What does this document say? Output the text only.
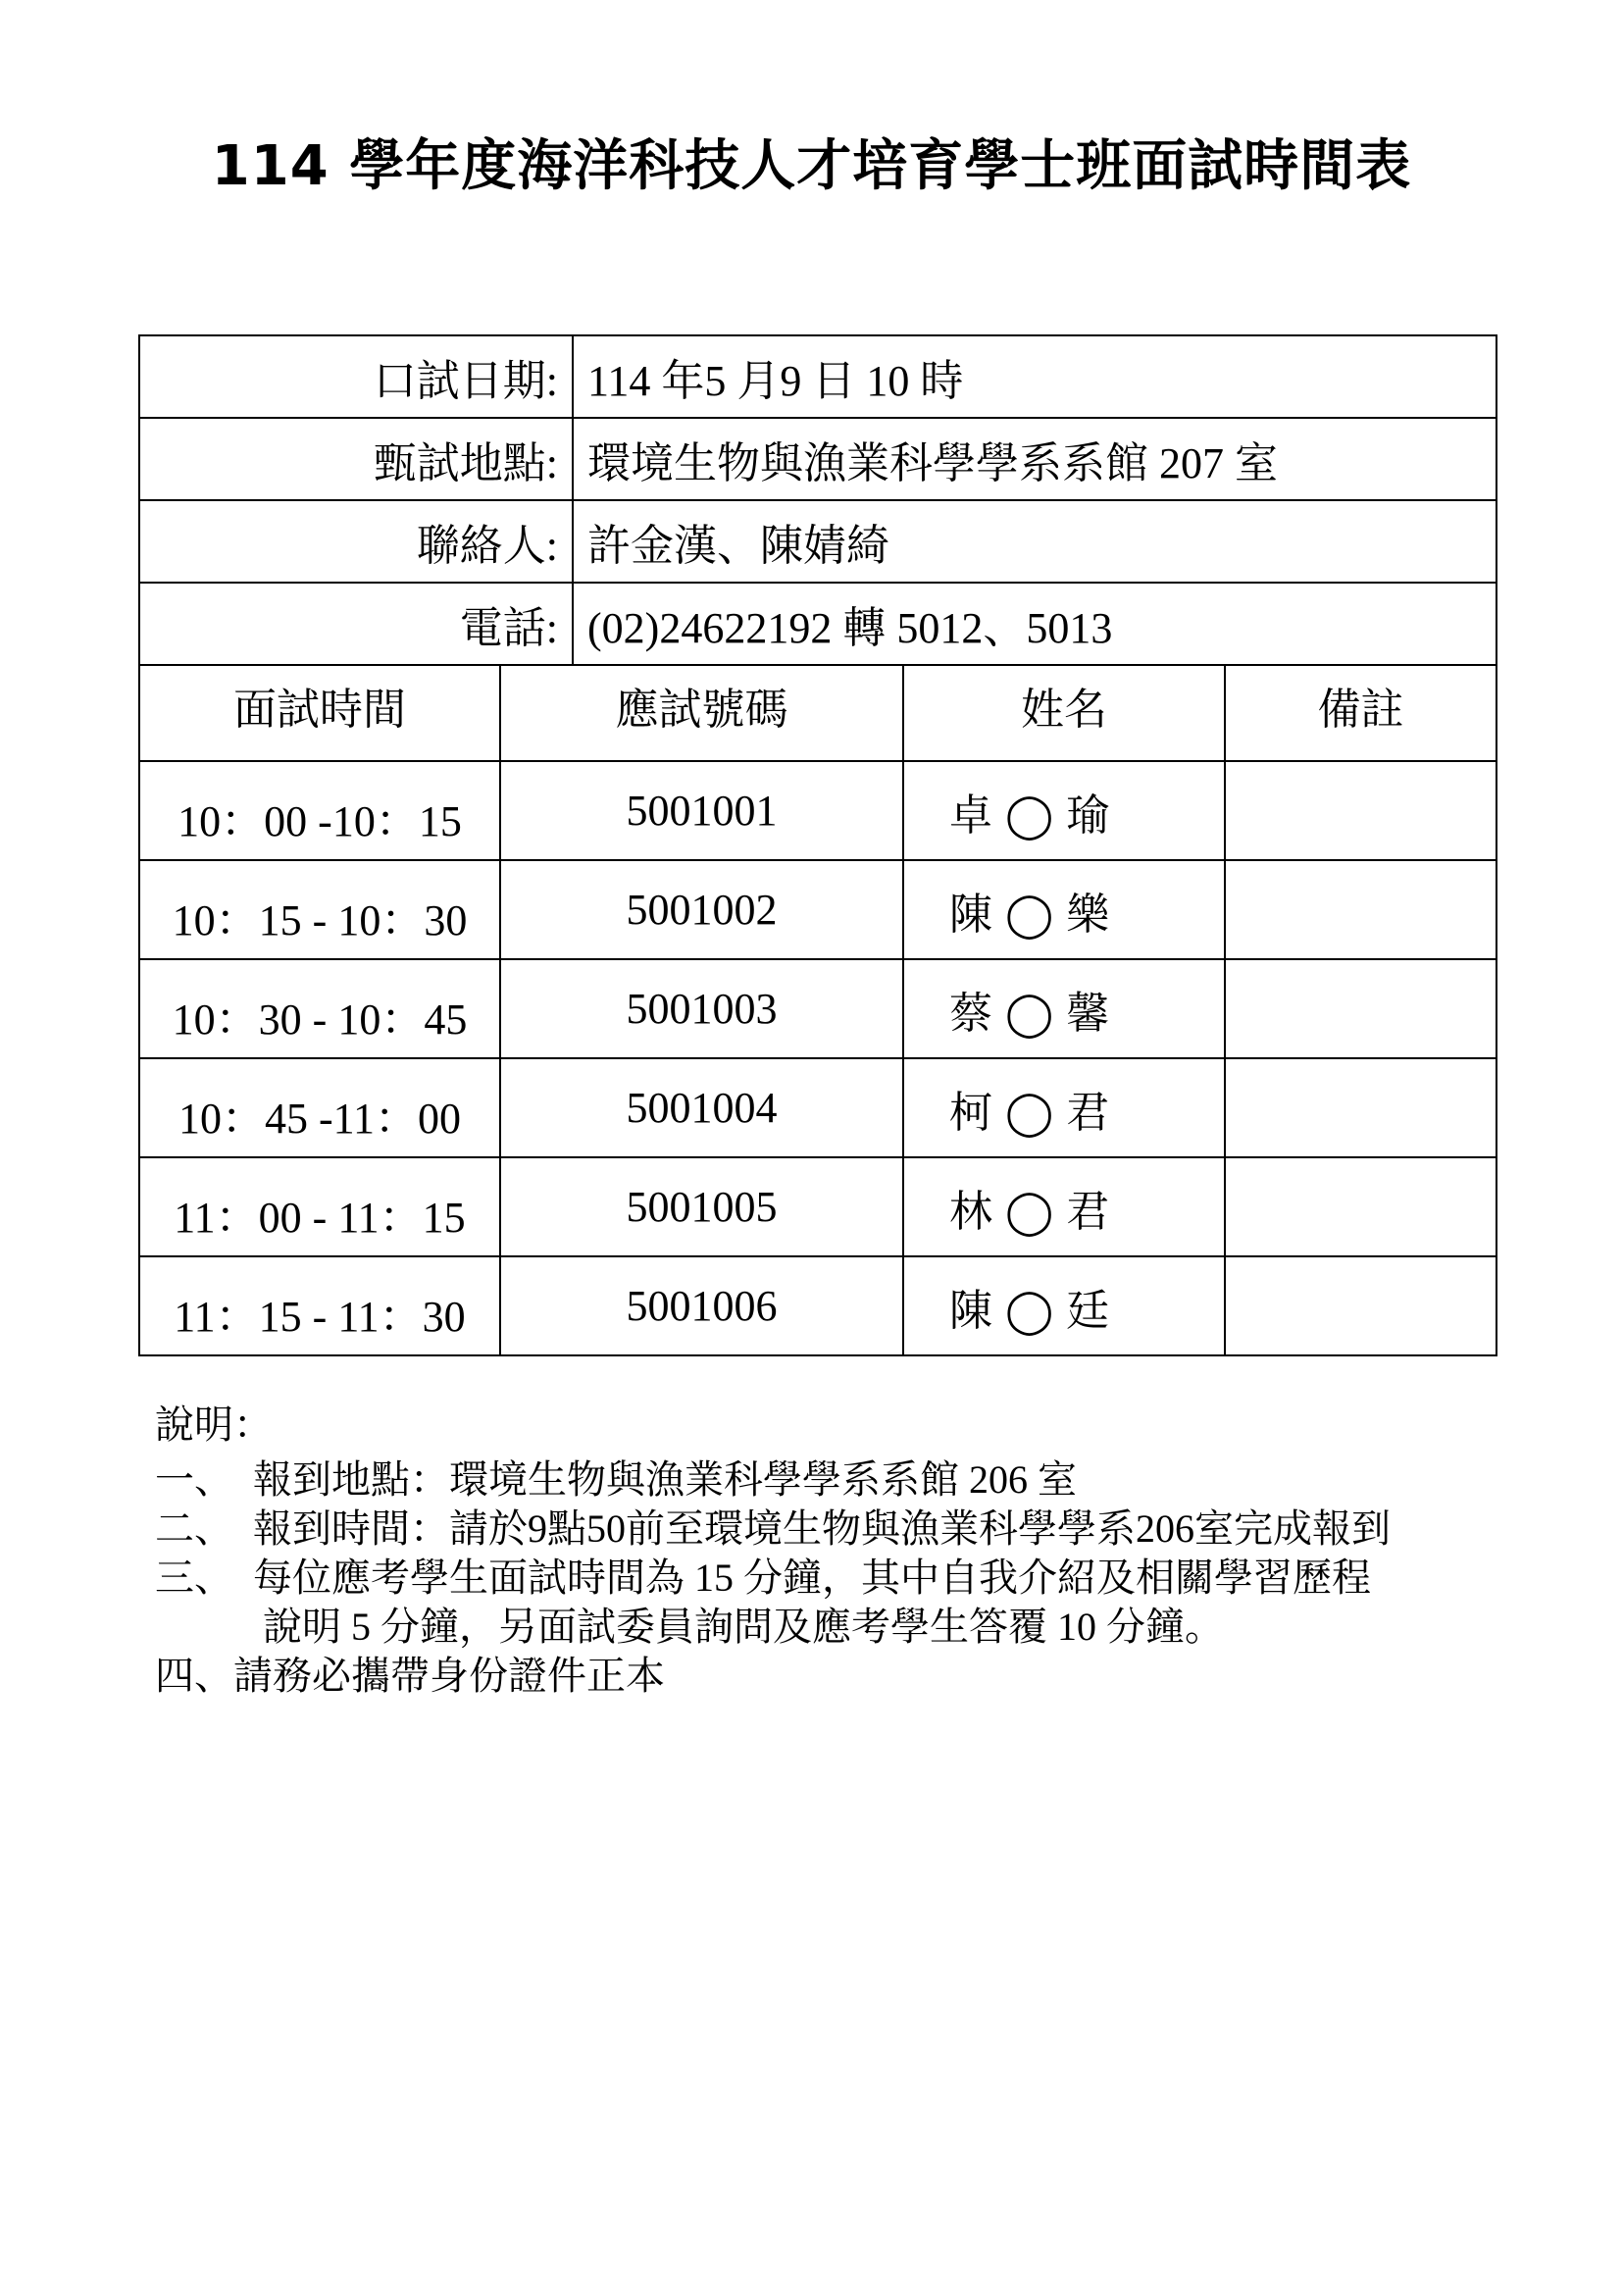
114 學年度海洋科技人才培育學士班面試時間表
口試日期:		114 年5 月9 日 10 時		
甄試地點:		環境生物與漁業科學學系系館 207 室		
聯絡人:		許金漢、陳婧綺		
電話:		(02)24622192 轉 5012、5013		
面試時間	應試號碼		姓名	備註
10：00 -10：15	5001001		卓 ◯ 瑜	
10：15 - 10：30	5001002		陳 ◯ 樂	
10：30 - 10：45	5001003		蔡 ◯ 馨	
10：45 -11：00	5001004		柯 ◯ 君	
11：00 - 11：15	5001005		林 ◯ 君	
11：15 - 11：30	5001006		陳 ◯ 廷	
說明：
一、 報到地點：環境生物與漁業科學學系系館 206 室
二、 報到時間：請於9點50前至環境生物與漁業科學學系206室完成報到
三、 每位應考學生面試時間為 15 分鐘，其中自我介紹及相關學習歷程
說明 5 分鐘，另面試委員詢問及應考學生答覆 10 分鐘。
四、請務必攜帶身份證件正本
